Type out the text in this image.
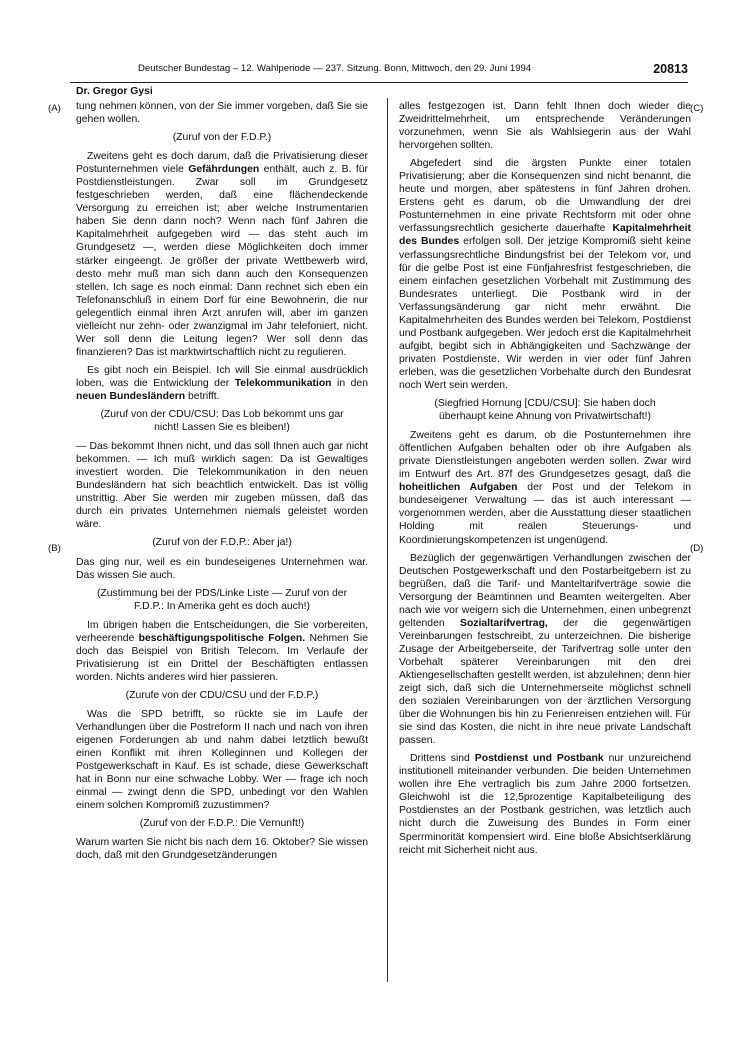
Deutscher Bundestag – 12. Wahlperiode — 237. Sitzung. Bonn, Mittwoch, den 29. Juni 1994	20813
Dr. Gregor Gysi
(A)
(B)
(C)
(D)

tung nehmen können, von der Sie immer vorgeben, daß Sie sie gehen wollen.

(Zuruf von der F.D.P.)

Zweitens geht es doch darum, daß die Privatisierung dieser Postunternehmen viele Gefährdungen enthält, auch z. B. für Postdienstleistungen. Zwar soll im Grundgesetz festgeschrieben werden, daß eine flächendeckende Versorgung zu erreichen ist; aber welche Instrumentarien haben Sie denn dann noch? Wenn nach fünf Jahren die Kapitalmehrheit aufgegeben wird — das steht auch im Grundgesetz —, werden diese Möglichkeiten doch immer stärker eingeengt. Je größer der private Wettbewerb wird, desto mehr muß man sich dann auch den Konsequenzen stellen. Ich sage es noch einmal: Dann rechnet sich eben ein Telefonanschluß in einem Dorf für eine Bewohnerin, die nur gelegentlich einmal ihren Arzt anrufen will, aber im ganzen vielleicht nur zehn- oder zwanzigmal im Jahr telefoniert, nicht. Wer soll denn die Leitung legen? Wer soll denn das finanzieren? Das ist marktwirtschaftlich nicht zu regulieren.

Es gibt noch ein Beispiel. Ich will Sie einmal ausdrücklich loben, was die Entwicklung der Telekommunikation in den neuen Bundesländern betrifft.

(Zuruf von der CDU/CSU: Das Lob bekommt uns gar nicht! Lassen Sie es bleiben!)

— Das bekommt Ihnen nicht, und das soll Ihnen auch gar nicht bekommen. — Ich muß wirklich sagen: Da ist Gewaltiges investiert worden. Die Telekommunikation in den neuen Bundesländern hat sich beachtlich entwickelt. Das ist völlig unstrittig. Aber Sie werden mir zugeben müssen, daß das durch ein privates Unternehmen niemals geleistet worden wäre.

(Zuruf von der F.D.P.: Aber ja!)

Das ging nur, weil es ein bundeseigenes Unternehmen war. Das wissen Sie auch.

(Zustimmung bei der PDS/Linke Liste — Zuruf von der F.D.P.: In Amerika geht es doch auch!)

Im übrigen haben die Entscheidungen, die Sie vorbereiten, verheerende beschäftigungspolitische Folgen. Nehmen Sie doch das Beispiel von British Telecom. Im Verlaufe der Privatisierung ist ein Drittel der Beschäftigten entlassen worden. Nichts anderes wird hier passieren.

(Zurufe von der CDU/CSU und der F.D.P.)

Was die SPD betrifft, so rückte sie im Laufe der Verhandlungen über die Postreform II nach und nach von ihren eigenen Forderungen ab und nahm dabei letztlich bewußt einen Konflikt mit ihren Kolleginnen und Kollegen der Postgewerkschaft in Kauf. Es ist schade, diese Gewerkschaft hat in Bonn nur eine schwache Lobby. Wer — frage ich noch einmal — zwingt denn die SPD, unbedingt vor den Wahlen einem solchen Kompromiß zuzustimmen?

(Zuruf von der F.D.P.: Die Vernunft!)

Warum warten Sie nicht bis nach dem 16. Oktober? Sie wissen doch, daß mit den Grundgesetzänderungen

alles festgezogen ist. Dann fehlt Ihnen doch wieder die Zweidrittelmehrheit, um entsprechende Veränderungen vorzunehmen, wenn Sie als Wahlsiegerin aus der Wahl hervorgehen sollten.

Abgefedert sind die ärgsten Punkte einer totalen Privatisierung; aber die Konsequenzen sind nicht benannt, die heute und morgen, aber spätestens in fünf Jahren drohen. Erstens geht es darum, ob die Umwandlung der drei Postunternehmen in eine private Rechtsform mit oder ohne verfassungsrechtlich gesicherte dauerhafte Kapitalmehrheit des Bundes erfolgen soll. Der jetzige Kompromiß sieht keine verfassungsrechtliche Bindungsfrist bei der Telekom vor, und für die gelbe Post ist eine Fünfjahresfrist festgeschrieben, die einem einfachen gesetzlichen Vorbehalt mit Zustimmung des Bundesrates unterliegt. Die Postbank wird in der Verfassungsänderung gar nicht mehr erwähnt. Die Kapitalmehrheiten des Bundes werden bei Telekom, Postdienst und Postbank aufgegeben. Wer jedoch erst die Kapitalmehrheit aufgibt, begibt sich in Abhängigkeiten und Sachzwänge der privaten Postdienste. Wir werden in vier oder fünf Jahren erleben, was die gesetzlichen Vorbehalte durch den Bundesrat noch Wert sein werden.

(Siegfried Hornung [CDU/CSU]: Sie haben doch überhaupt keine Ahnung von Privatwirtschaft!)

Zweitens geht es darum, ob die Postunternehmen ihre öffentlichen Aufgaben behalten oder ob ihre Aufgaben als private Dienstleistungen angeboten werden sollen. Zwar wird im Entwurf des Art. 87f des Grundgesetzes gesagt, daß die hoheitlichen Aufgaben der Post und der Telekom in bundeseigener Verwaltung — das ist auch interessant — vorgenommen werden, aber die Ausstattung dieser staatlichen Holding mit realen Steuerungs- und Koordinierungskompetenzen ist ungenügend.

Bezüglich der gegenwärtigen Verhandlungen zwischen der Deutschen Postgewerkschaft und den Postarbeitgebern ist zu begrüßen, daß die Tarif- und Manteltarifverträge sowie die Versorgung der Beamtinnen und Beamten weitergelten. Aber nach wie vor weigern sich die Unternehmen, einen unbegrenzt geltenden Sozialtarifvertrag, der die gegenwärtigen Vereinbarungen festschreibt, zu unterzeichnen. Die bisherige Zusage der Arbeitgeberseite, der Tarifvertrag solle unter den Vorbehalt späterer Vereinbarungen mit den drei Aktiengesellschaften gestellt werden, ist abzulehnen; denn hier zeigt sich, daß sich die Unternehmerseite möglichst schnell den sozialen Vereinbarungen von der ärztlichen Versorgung über die Wohnungen bis hin zu Ferienreisen entziehen will. Für sie sind das Kosten, die nicht in ihre neue private Landschaft passen.

Drittens sind Postdienst und Postbank nur unzureichend institutionell miteinander verbunden. Die beiden Unternehmen wollen ihre Ehe vertraglich bis zum Jahre 2000 fortsetzen. Gleichwohl ist die 12,5prozentige Kapitalbeteiligung des Postdienstes an der Postbank gestrichen, was letztlich auch nicht durch die Zuweisung des Bundes in Form einer Sperrminorität kompensiert wird. Eine bloße Absichtserklärung reicht mit Sicherheit nicht aus.
